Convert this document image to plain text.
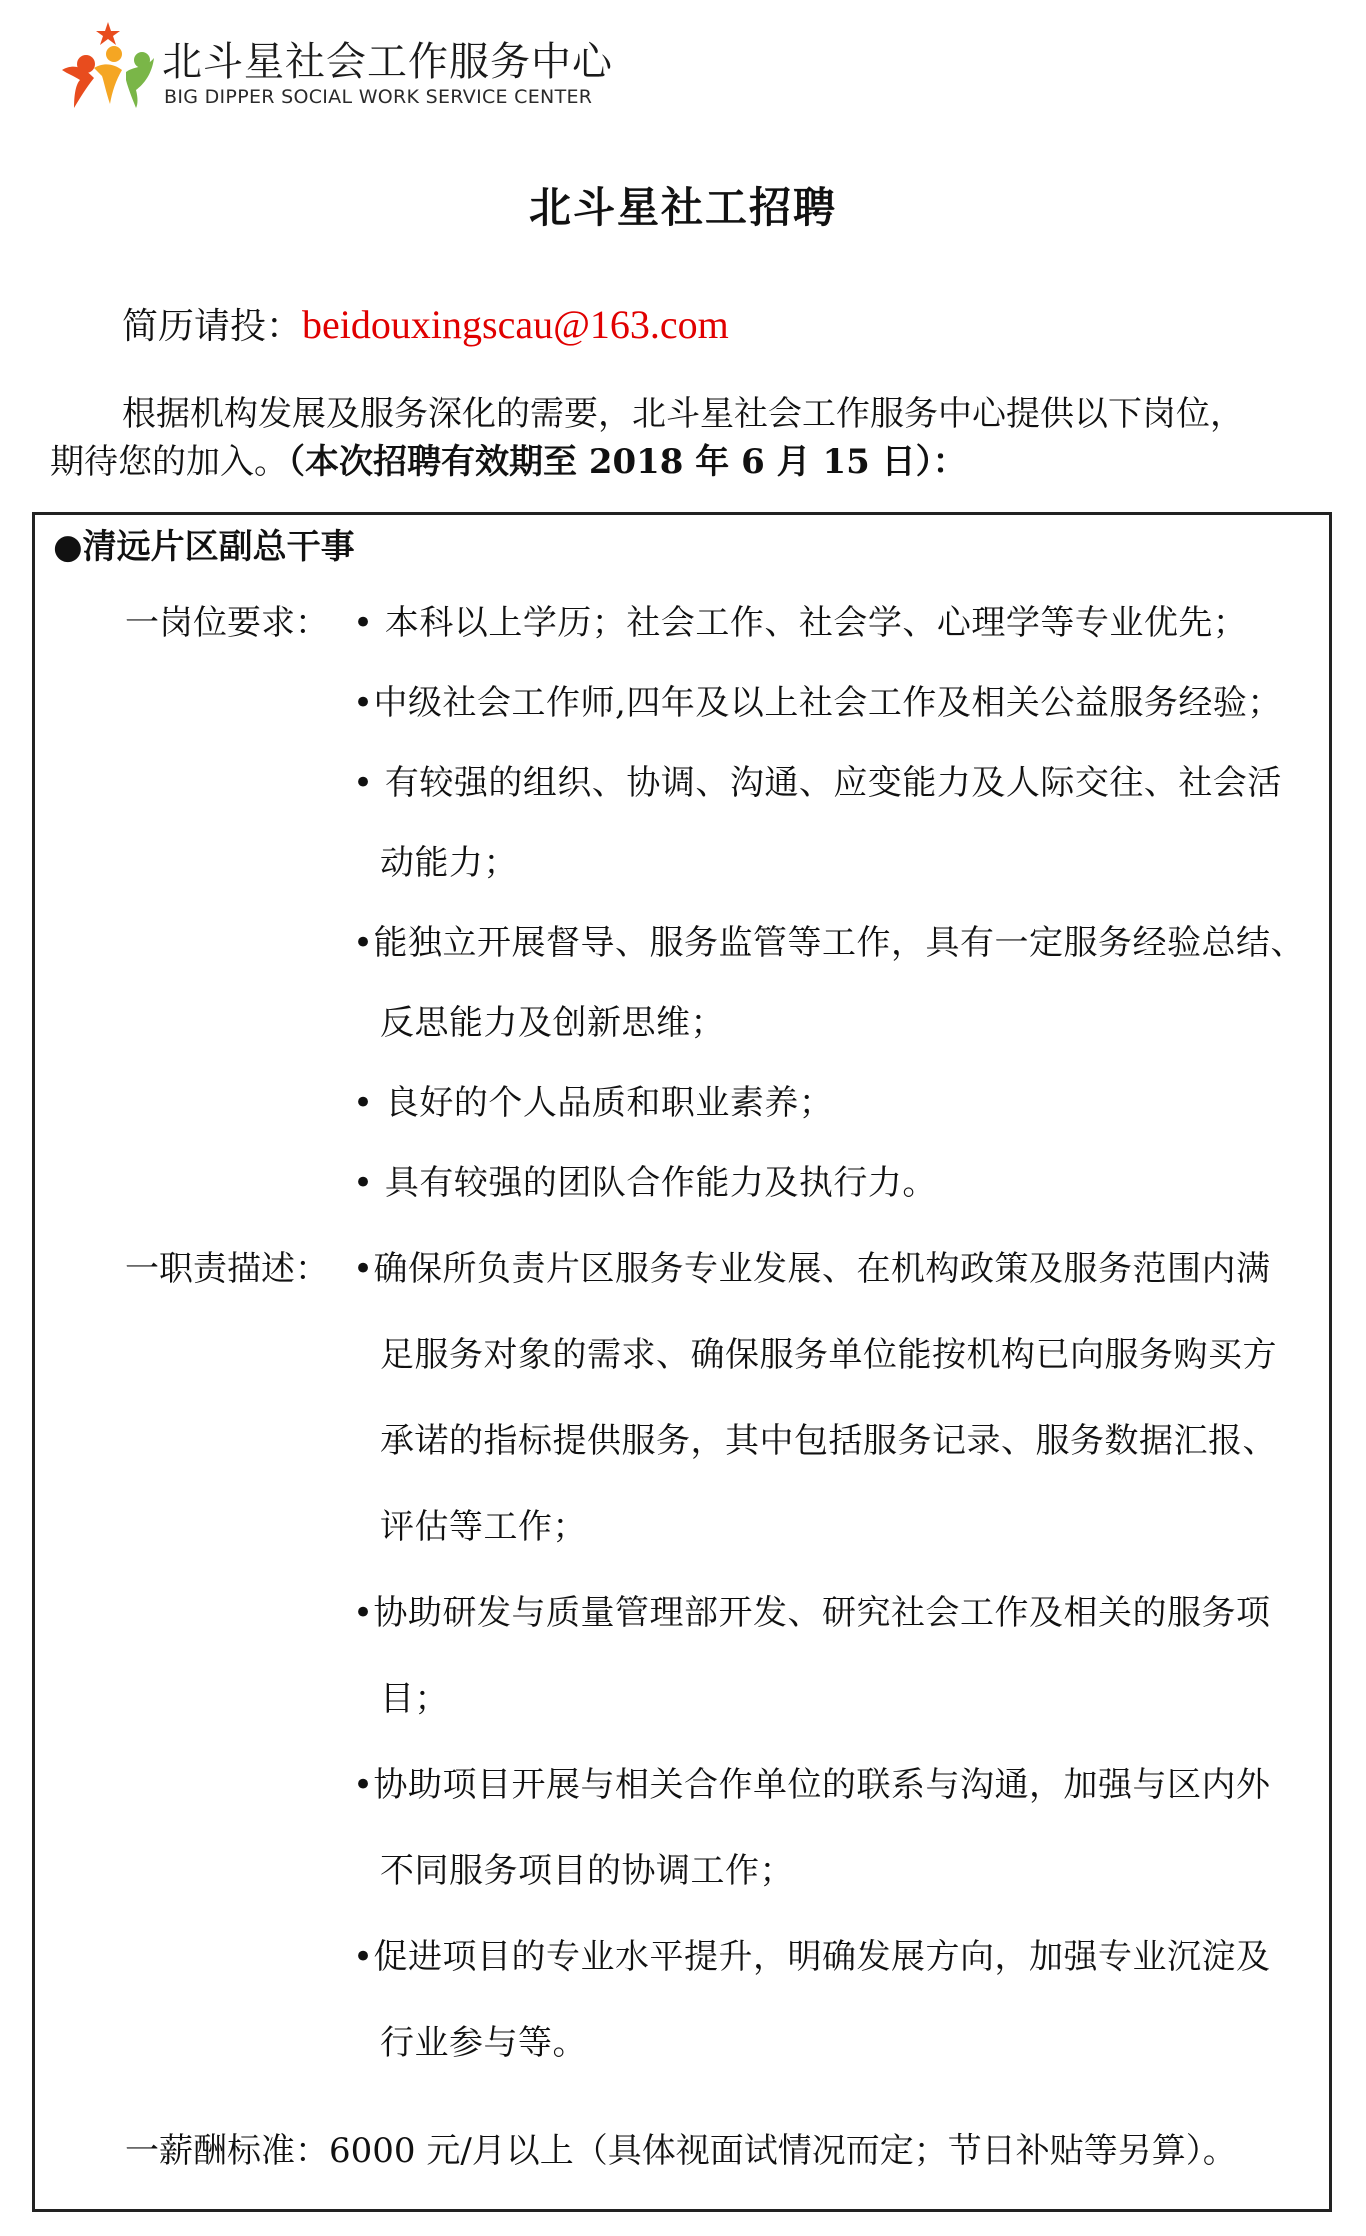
北斗星社会工作服务中心
BIG DIPPER SOCIAL WORK SERVICE CENTER
北斗星社工招聘
简历请投：beidouxingscau@163.com
根据机构发展及服务深化的需要，北斗星社会工作服务中心提供以下岗位，
期待您的加入。（本次招聘有效期至 2018 年 6 月 15 日）：
●清远片区副总干事
一岗位要求： • 本科以上学历；社会工作、社会学、心理学等专业优先；
•中级社会工作师,四年及以上社会工作及相关公益服务经验；
• 有较强的组织、协调、沟通、应变能力及人际交往、社会活
动能力；
•能独立开展督导、服务监管等工作，具有一定服务经验总结、
反思能力及创新思维；
• 良好的个人品质和职业素养；
• 具有较强的团队合作能力及执行力。
一职责描述： •确保所负责片区服务专业发展、在机构政策及服务范围内满
足服务对象的需求、确保服务单位能按机构已向服务购买方
承诺的指标提供服务，其中包括服务记录、服务数据汇报、
评估等工作；
•协助研发与质量管理部开发、研究社会工作及相关的服务项
目；
•协助项目开展与相关合作单位的联系与沟通，加强与区内外
不同服务项目的协调工作；
•促进项目的专业水平提升，明确发展方向，加强专业沉淀及
行业参与等。
一薪酬标准：6000 元/月以上（具体视面试情况而定；节日补贴等另算）。
